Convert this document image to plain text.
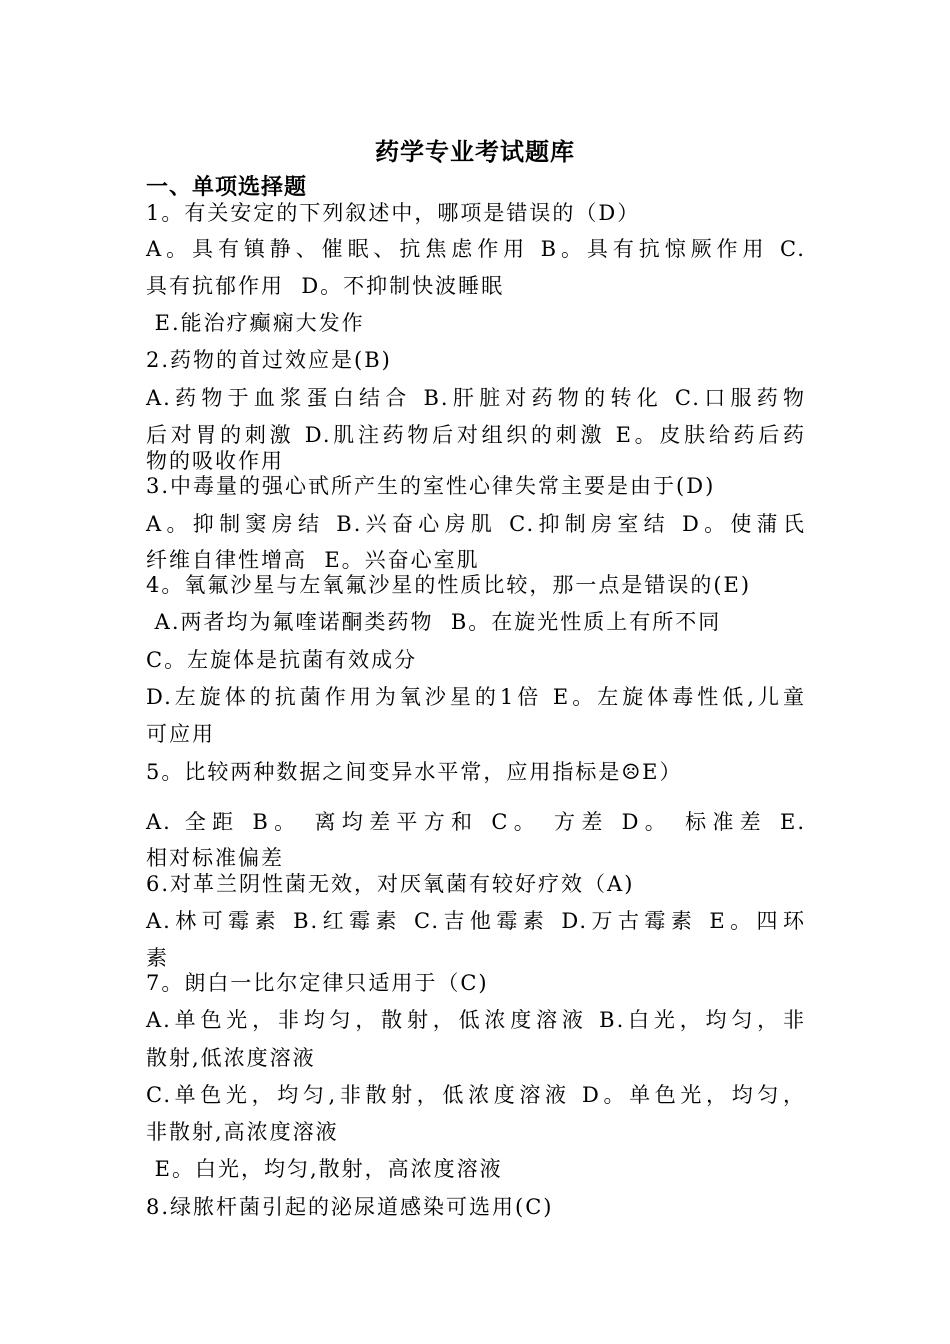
药学专业考试题库
一、单项选择题
1。有关安定的下列叙述中，哪项是错误的（D）
A。具有镇静、催眠、抗焦虑作用 B。具有抗惊厥作用 C.
具有抗郁作用  D。不抑制快波睡眠
E.能治疗癫痫大发作
2.药物的首过效应是(B)
A.药物于血浆蛋白结合 B.肝脏对药物的转化 C.口服药物
后对胃的刺激 D.肌注药物后对组织的刺激 E。皮肤给药后药
物的吸收作用
3.中毒量的强心甙所产生的室性心律失常主要是由于(D)
A。抑制窦房结 B.兴奋心房肌 C.抑制房室结 D。使蒲氏
纤维自律性增高  E。兴奋心室肌
4。氧氟沙星与左氧氟沙星的性质比较，那一点是错误的(E)
A.两者均为氟喹诺酮类药物  B。在旋光性质上有所不同
C。左旋体是抗菌有效成分
D.左旋体的抗菌作用为氧沙星的1倍 E。左旋体毒性低,儿童
可应用
5。比较两种数据之间变异水平常，应用指标是☹E）
A. 全距 B。 离均差平方和 C。 方差 D。 标准差 E.
相对标准偏差
6.对革兰阴性菌无效，对厌氧菌有较好疗效（A)
A.林可霉素 B.红霉素 C.吉他霉素 D.万古霉素 E。四环
素
7。朗白一比尔定律只适用于（C)
A.单色光，非均匀，散射，低浓度溶液 B.白光，均匀，非
散射,低浓度溶液
C.单色光，均匀,非散射，低浓度溶液 D。单色光，均匀，
非散射,高浓度溶液
E。白光，均匀,散射，高浓度溶液
8.绿脓杆菌引起的泌尿道感染可选用(C)
